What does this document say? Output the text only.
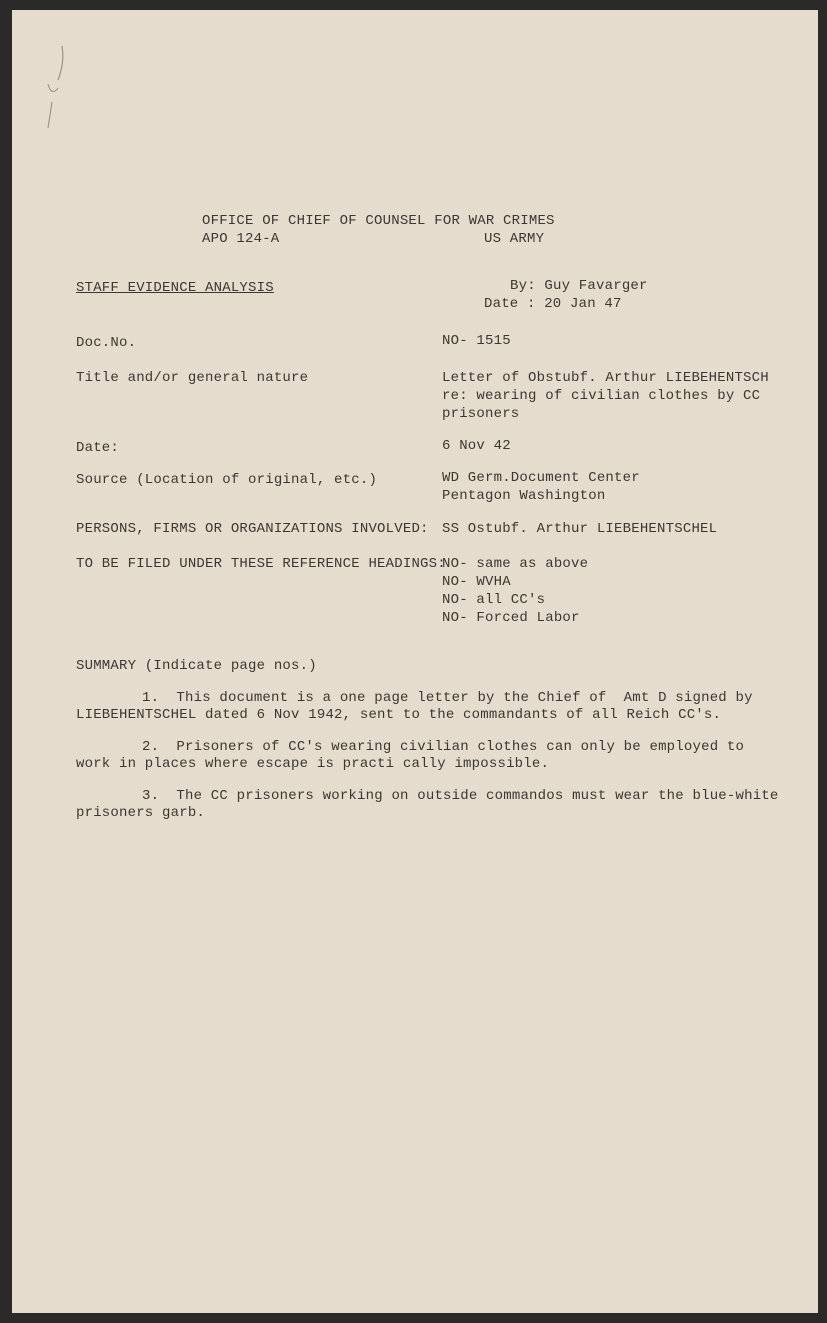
OFFICE OF CHIEF OF COUNSEL FOR WAR CRIMES
APO 124-A	US ARMY
STAFF EVIDENCE ANALYSIS	By: Guy Favarger
Date : 20 Jan 47
Doc.No.	NO- 1515
Title and/or general nature	Letter of Obstubf. Arthur LIEBEHENTSCH
re: wearing of civilian clothes by CC
prisoners
Date:	6 Nov 42
Source (Location of original, etc.)	WD Germ.Document Center
Pentagon Washington
PERSONS, FIRMS OR ORGANIZATIONS INVOLVED: SS Ostubf. Arthur LIEBEHENTSCHEL
TO BE FILED UNDER THESE REFERENCE HEADINGS:
NO- same as above
NO- WVHA
NO- all CC's
NO- Forced Labor
SUMMARY (Indicate page nos.)
1.  This document is a one page letter by the Chief of  Amt D signed by
LIEBEHENTSCHEL dated 6 Nov 1942, sent to the commandants of all Reich CC's.
2.  Prisoners of CC's wearing civilian clothes can only be employed to
work in places where escape is practi cally impossible.
3.  The CC prisoners working on outside commandos must wear the blue-white
prisoners garb.
